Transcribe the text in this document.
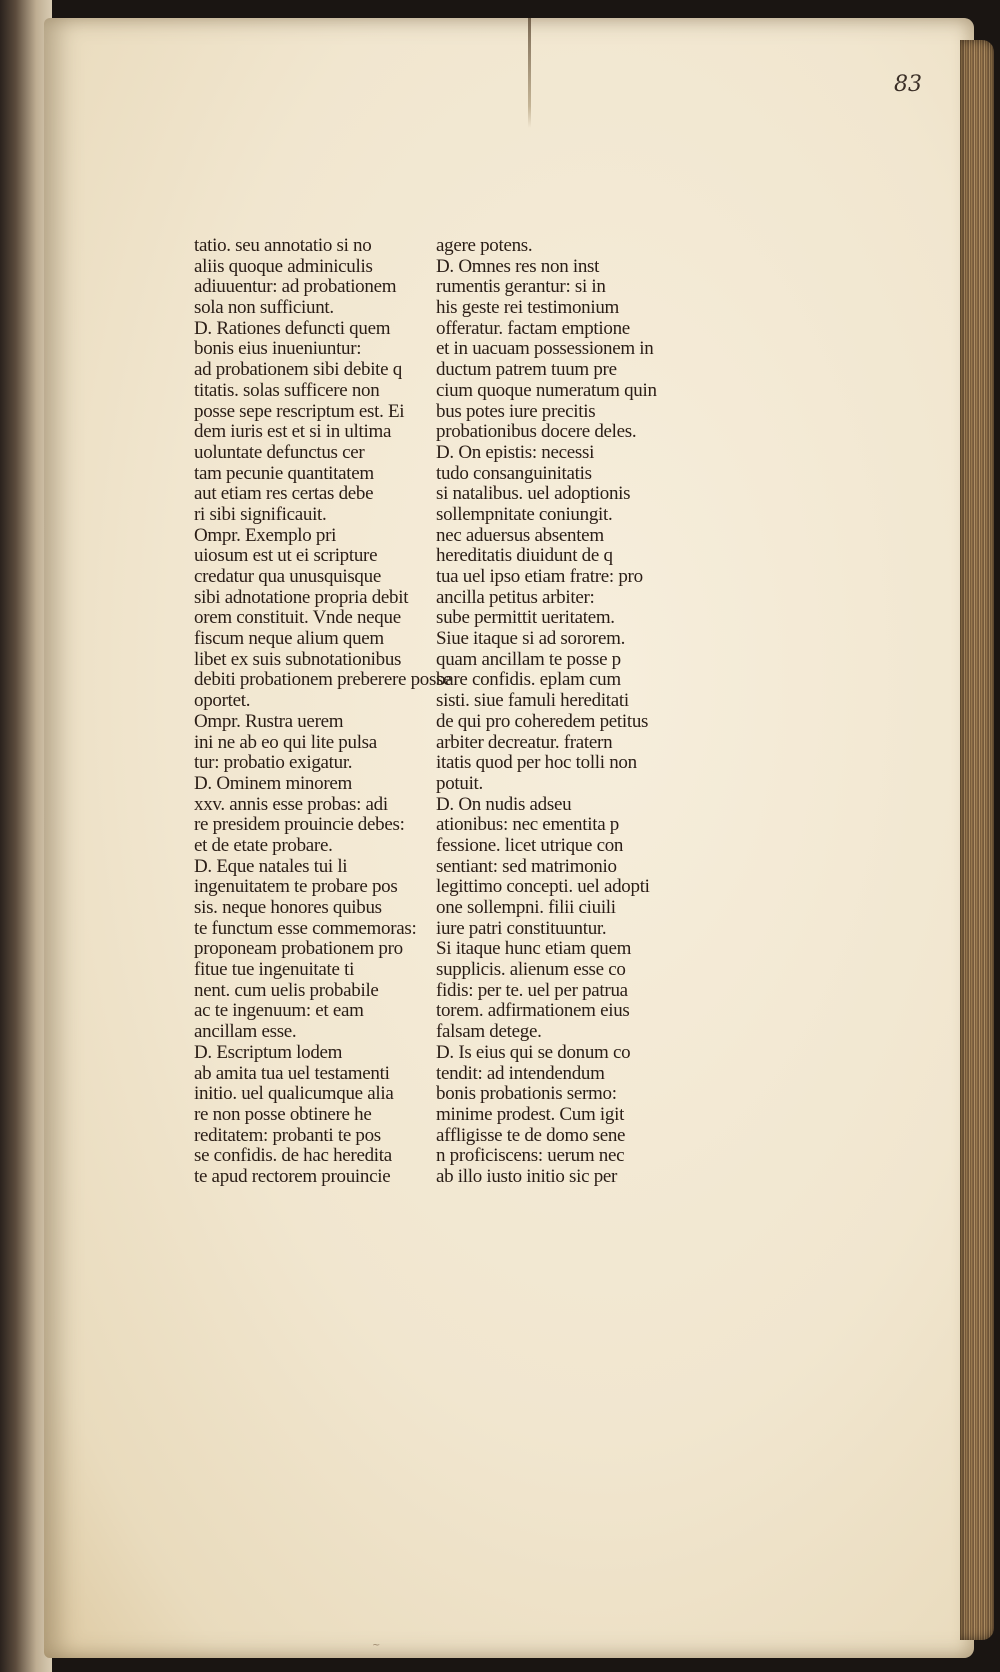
83
tatio. seu annotatio si no
aliis quoque adminiculis
adiuuentur: ad probationem
sola non sufficiunt.
D. Rationes defuncti quem
bonis eius inueniuntur:
ad probationem sibi debite q
titatis. solas sufficere non
posse sepe rescriptum est. Ei
dem iuris est et si in ultima
uoluntate defunctus cer
tam pecunie quantitatem
aut etiam res certas debe
ri sibi significauit.
Ompr. Exemplo pri
uiosum est ut ei scripture
credatur qua unusquisque
sibi adnotatione propria debit
orem constituit. Vnde neque
fiscum neque alium quem
libet ex suis subnotationibus
debiti probationem preberere posse
oportet.
Ompr. Rustra uerem
ini ne ab eo qui lite pulsa
tur: probatio exigatur.
D. Ominem minorem
xxv. annis esse probas: adi
re presidem prouincie debes:
et de etate probare.
D. Eque natales tui li
ingenuitatem te probare pos
sis. neque honores quibus
te functum esse commemoras:
proponeam probationem pro
fitue tue ingenuitate ti
nent. cum uelis probabile
ac te ingenuum: et eam
ancillam esse.
D. Escriptum lodem
ab amita tua uel testamenti
initio. uel qualicumque alia
re non posse obtinere he
reditatem: probanti te pos
se confidis. de hac heredita
te apud rectorem prouincie
agere potens.
D. Omnes res non inst
rumentis gerantur: si in
his geste rei testimonium
offeratur. factam emptione
et in uacuam possessionem in
ductum patrem tuum pre
cium quoque numeratum quin
bus potes iure precitis
probationibus docere deles.
D. On epistis: necessi
tudo consanguinitatis
si natalibus. uel adoptionis
sollempnitate coniungit.
nec aduersus absentem
hereditatis diuidunt de q
tua uel ipso etiam fratre: pro
ancilla petitus arbiter:
sube permittit ueritatem.
Siue itaque si ad sororem.
quam ancillam te posse p
bare confidis. eplam cum
sisti. siue famuli hereditati
de qui pro coheredem petitus
arbiter decreatur. fratern
itatis quod per hoc tolli non
potuit.
D. On nudis adseu
ationibus: nec ementita p
fessione. licet utrique con
sentiant: sed matrimonio
legittimo concepti. uel adopti
one sollempni. filii ciuili
iure patri constituuntur.
Si itaque hunc etiam quem
supplicis. alienum esse co
fidis: per te. uel per patrua
torem. adfirmationem eius
falsam detege.
D. Is eius qui se donum co
tendit: ad intendendum
bonis probationis sermo:
minime prodest. Cum igit
affligisse te de domo sene
n proficiscens: uerum nec
ab illo iusto initio sic per
~
